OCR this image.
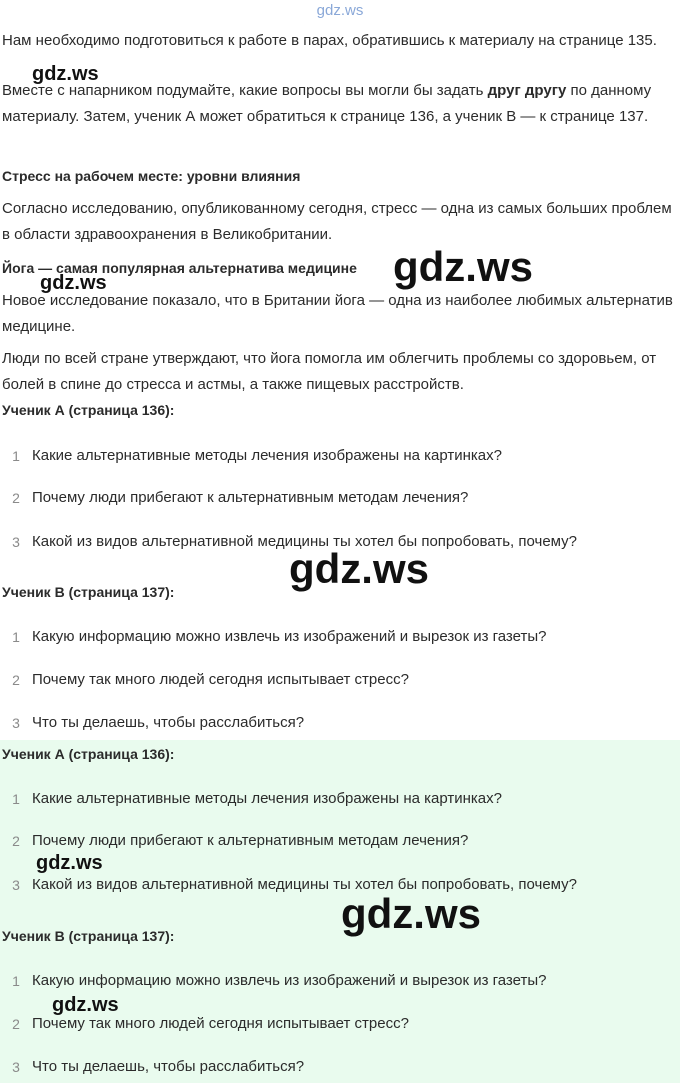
gdz.ws

Нам необходимо подготовиться к работе в парах, обратившись к материалу на странице 135.

Вместе с напарником подумайте, какие вопросы вы могли бы задать друг другу по данному материалу. Затем, ученик А может обратиться к странице 136, а ученик В — к странице 137.

Стресс на рабочем месте: уровни влияния

Согласно исследованию, опубликованному сегодня, стресс — одна из самых больших проблем в области здравоохранения в Великобритании.

Йога — самая популярная альтернатива медицине

Новое исследование показало, что в Британии йога — одна из наиболее любимых альтернатив медицине.

Люди по всей стране утверждают, что йога помогла им облегчить проблемы со здоровьем, от болей в спине до стресса и астмы, а также пищевых расстройств.

Ученик А (страница 136):

1 Какие альтернативные методы лечения изображены на картинках?
2 Почему люди прибегают к альтернативным методам лечения?
3 Какой из видов альтернативной медицины ты хотел бы попробовать, почему?

Ученик В (страница 137):

1 Какую информацию можно извлечь из изображений и вырезок из газеты?
2 Почему так много людей сегодня испытывает стресс?
3 Что ты делаешь, чтобы расслабиться?

Ученик А (страница 136):

1 Какие альтернативные методы лечения изображены на картинках?
2 Почему люди прибегают к альтернативным методам лечения?
3 Какой из видов альтернативной медицины ты хотел бы попробовать, почему?

Ученик В (страница 137):

1 Какую информацию можно извлечь из изображений и вырезок из газеты?
2 Почему так много людей сегодня испытывает стресс?
3 Что ты делаешь, чтобы расслабиться?
gdz.ws
gdz.ws
gdz.ws
gdz.ws
gdz.ws
gdz.ws
gdz.ws
